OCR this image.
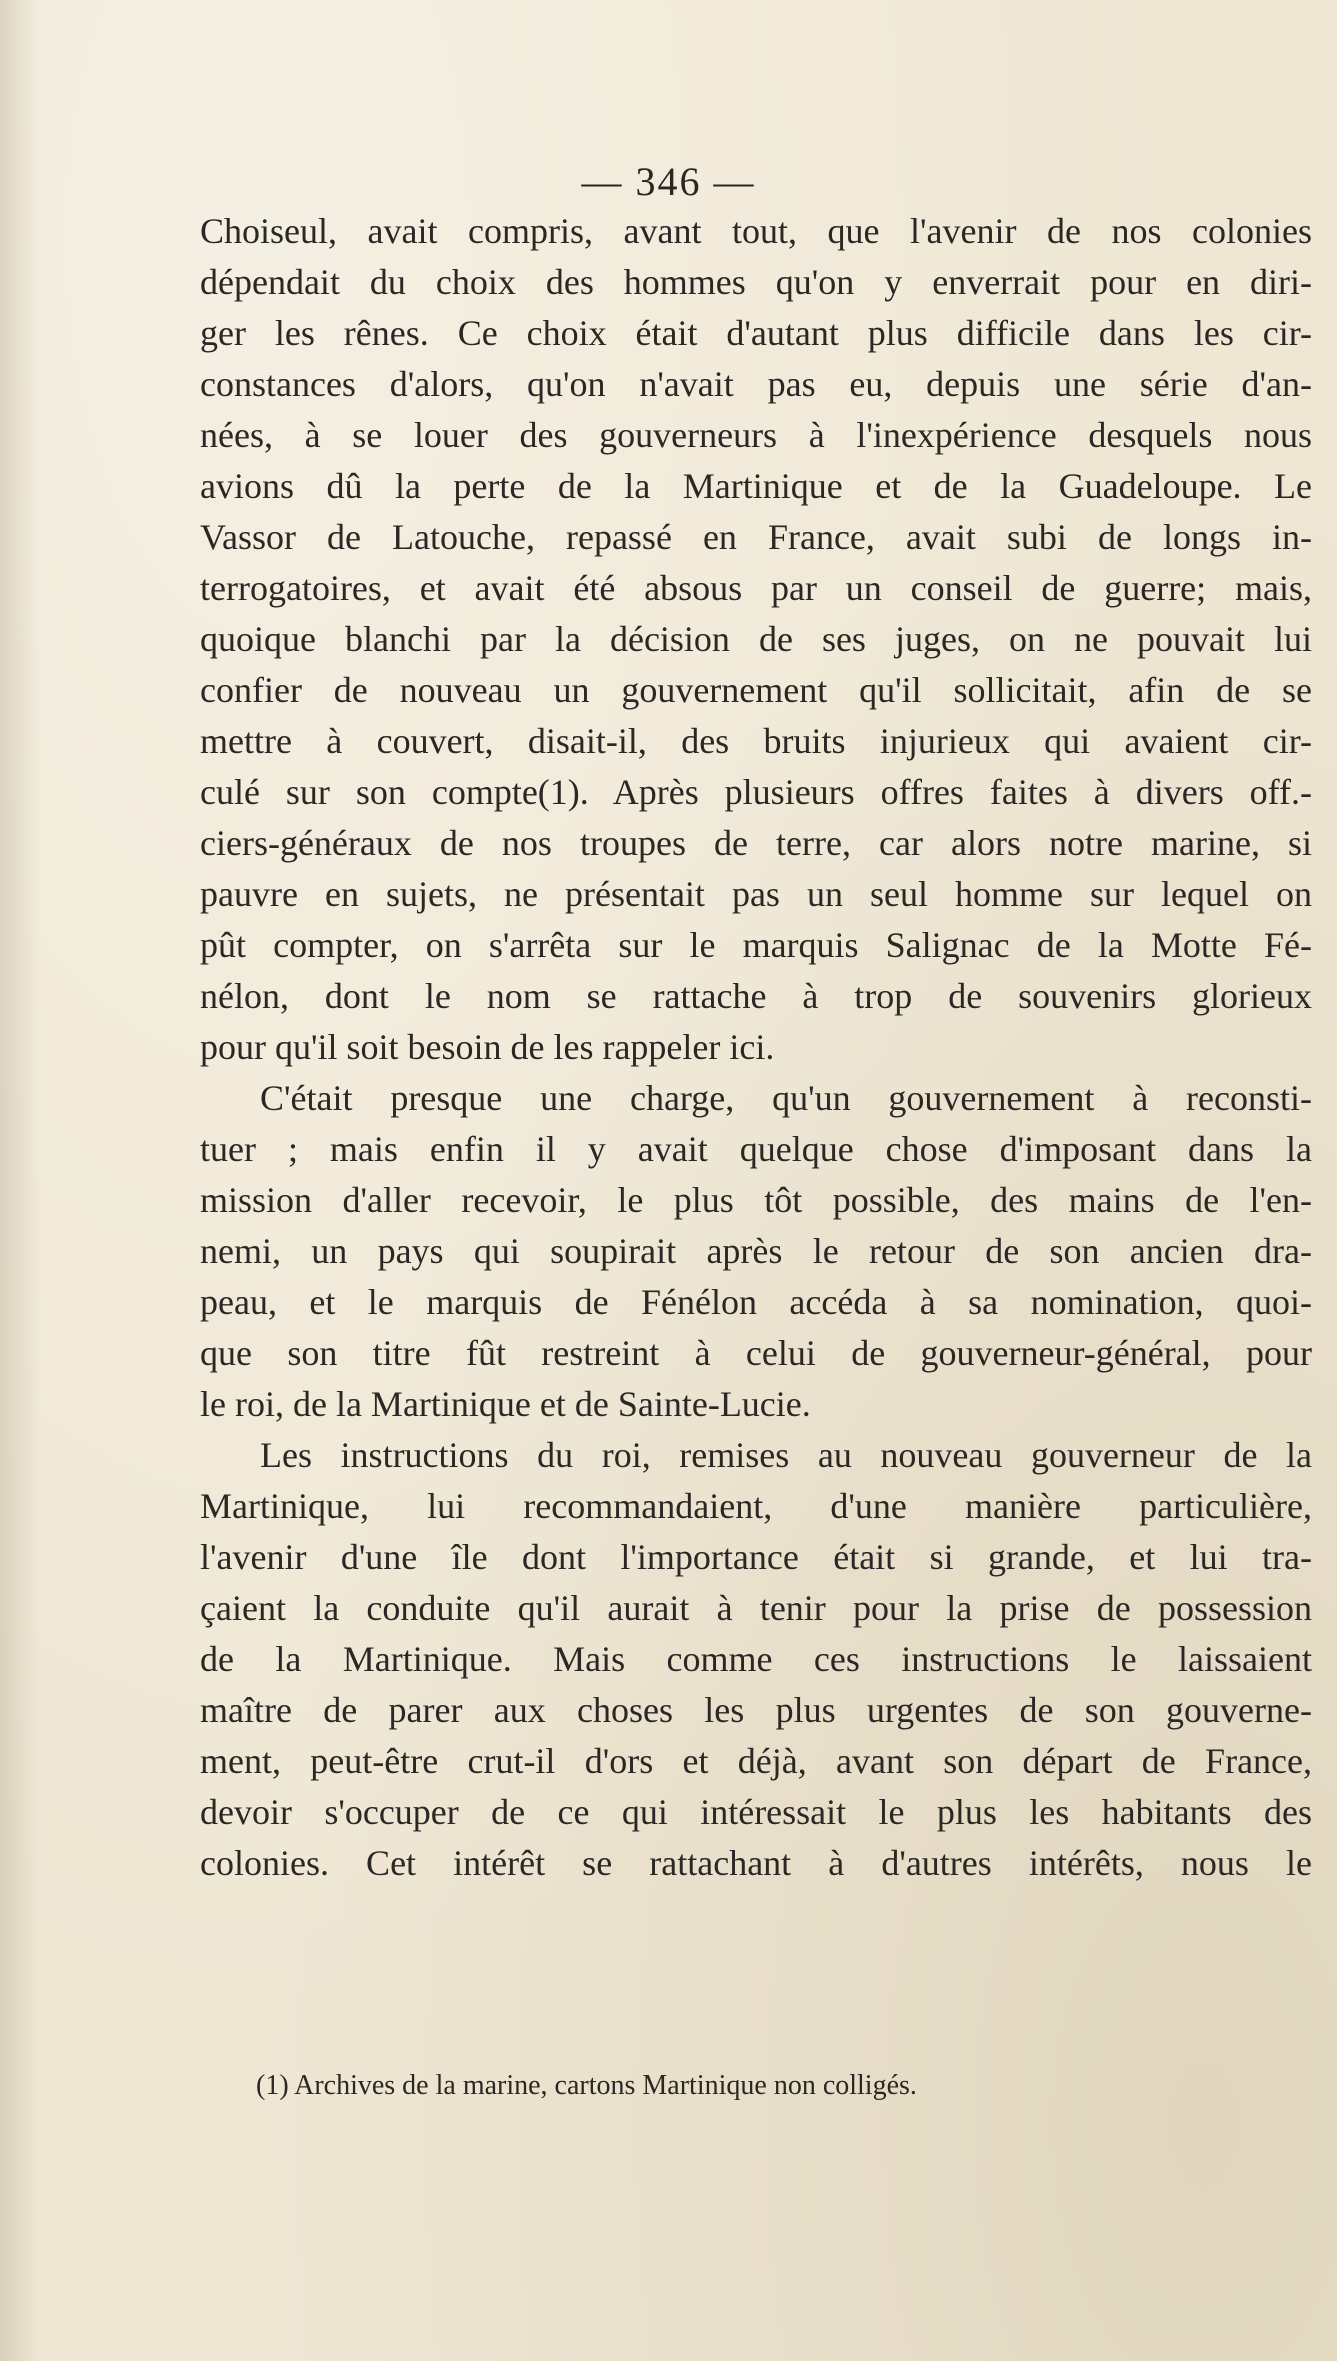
— 346 —
Choiseul, avait compris, avant tout, que l'avenir de nos colonies
dépendait du choix des hommes qu'on y enverrait pour en diri-
ger les rênes. Ce choix était d'autant plus difficile dans les cir-
constances d'alors, qu'on n'avait pas eu, depuis une série d'an-
nées, à se louer des gouverneurs à l'inexpérience desquels nous
avions dû la perte de la Martinique et de la Guadeloupe. Le
Vassor de Latouche, repassé en France, avait subi de longs in-
terrogatoires, et avait été absous par un conseil de guerre; mais,
quoique blanchi par la décision de ses juges, on ne pouvait lui
confier de nouveau un gouvernement qu'il sollicitait, afin de se
mettre à couvert, disait-il, des bruits injurieux qui avaient cir-
culé sur son compte(1). Après plusieurs offres faites à divers off.-
ciers-généraux de nos troupes de terre, car alors notre marine, si
pauvre en sujets, ne présentait pas un seul homme sur lequel on
pût compter, on s'arrêta sur le marquis Salignac de la Motte Fé-
nélon, dont le nom se rattache à trop de souvenirs glorieux
pour qu'il soit besoin de les rappeler ici.
C'était presque une charge, qu'un gouvernement à reconsti-
tuer ; mais enfin il y avait quelque chose d'imposant dans la
mission d'aller recevoir, le plus tôt possible, des mains de l'en-
nemi, un pays qui soupirait après le retour de son ancien dra-
peau, et le marquis de Fénélon accéda à sa nomination, quoi-
que son titre fût restreint à celui de gouverneur-général, pour
le roi, de la Martinique et de Sainte-Lucie.
Les instructions du roi, remises au nouveau gouverneur de la
Martinique, lui recommandaient, d'une manière particulière,
l'avenir d'une île dont l'importance était si grande, et lui tra-
çaient la conduite qu'il aurait à tenir pour la prise de possession
de la Martinique. Mais comme ces instructions le laissaient
maître de parer aux choses les plus urgentes de son gouverne-
ment, peut-être crut-il d'ors et déjà, avant son départ de France,
devoir s'occuper de ce qui intéressait le plus les habitants des
colonies. Cet intérêt se rattachant à d'autres intérêts, nous le
(1) Archives de la marine, cartons Martinique non colligés.
